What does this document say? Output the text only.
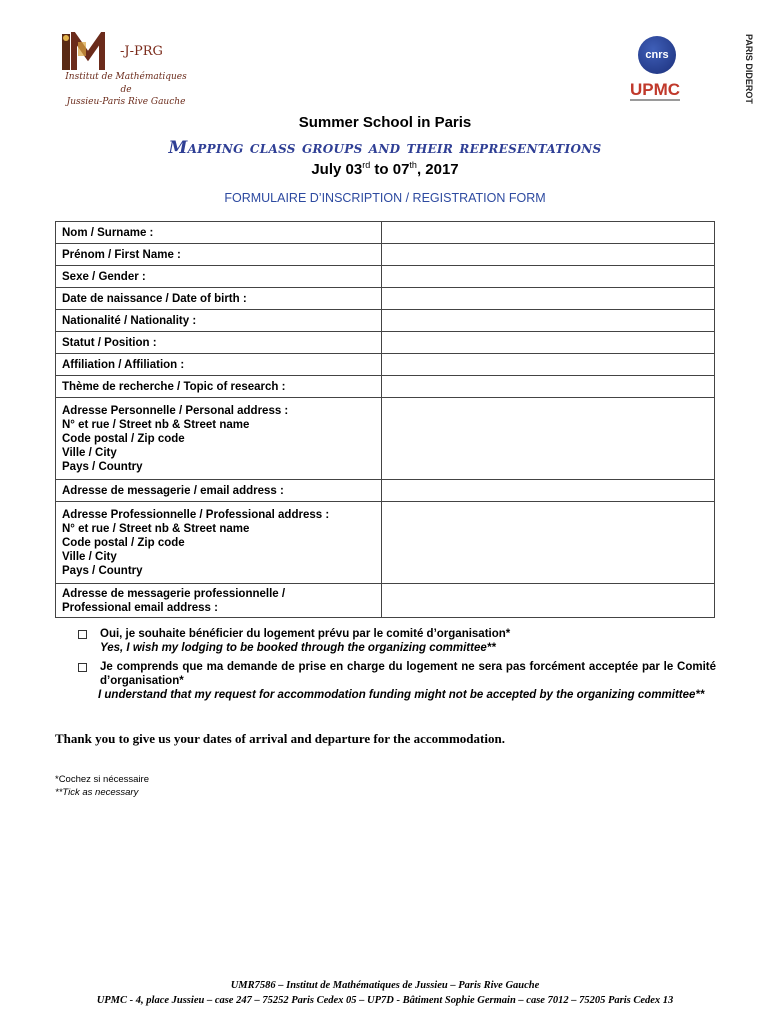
-J-PRG
Institut de Mathématiques
de
Jussieu-Paris Rive Gauche
cnrs
UPMC	PARIS DIDEROT
Summer School in Paris
Mapping class groups and their representations
July 03rd to 07th, 2017
FORMULAIRE D’INSCRIPTION / REGISTRATION FORM
Nom / Surname :	
Prénom / First Name :	
Sexe / Gender :	
Date de naissance / Date of birth :	
Nationalité / Nationality :	
Statut / Position :	
Affiliation / Affiliation :	
Thème de recherche / Topic of research :	

Adresse Personnelle / Personal address :
N° et rue / Street nb & Street name
Code postal / Zip code
Ville / City
Pays / Country	

Adresse de messagerie / email address :	

Adresse Professionnelle / Professional address :
N° et rue / Street nb & Street name
Code postal / Zip code
Ville / City
Pays / Country	

Adresse de messagerie professionnelle /
Professional email address :	

Oui, je souhaite bénéficier du logement prévu par le comité d’organisation*
Yes, I wish my lodging to be booked through the organizing committee**
Je comprends que ma demande de prise en charge du logement ne sera pas forcément acceptée par le Comité
d’organisation*
I understand that my request for accommodation funding might not be accepted by the organizing committee**
Thank you to give us your dates of arrival and departure for the accommodation.
*Cochez si nécessaire
**Tick as necessary
UMR7586 – Institut de Mathématiques de Jussieu – Paris Rive Gauche
UPMC - 4, place Jussieu – case 247 – 75252 Paris Cedex 05 – UP7D - Bâtiment Sophie Germain – case 7012 – 75205 Paris Cedex 13
